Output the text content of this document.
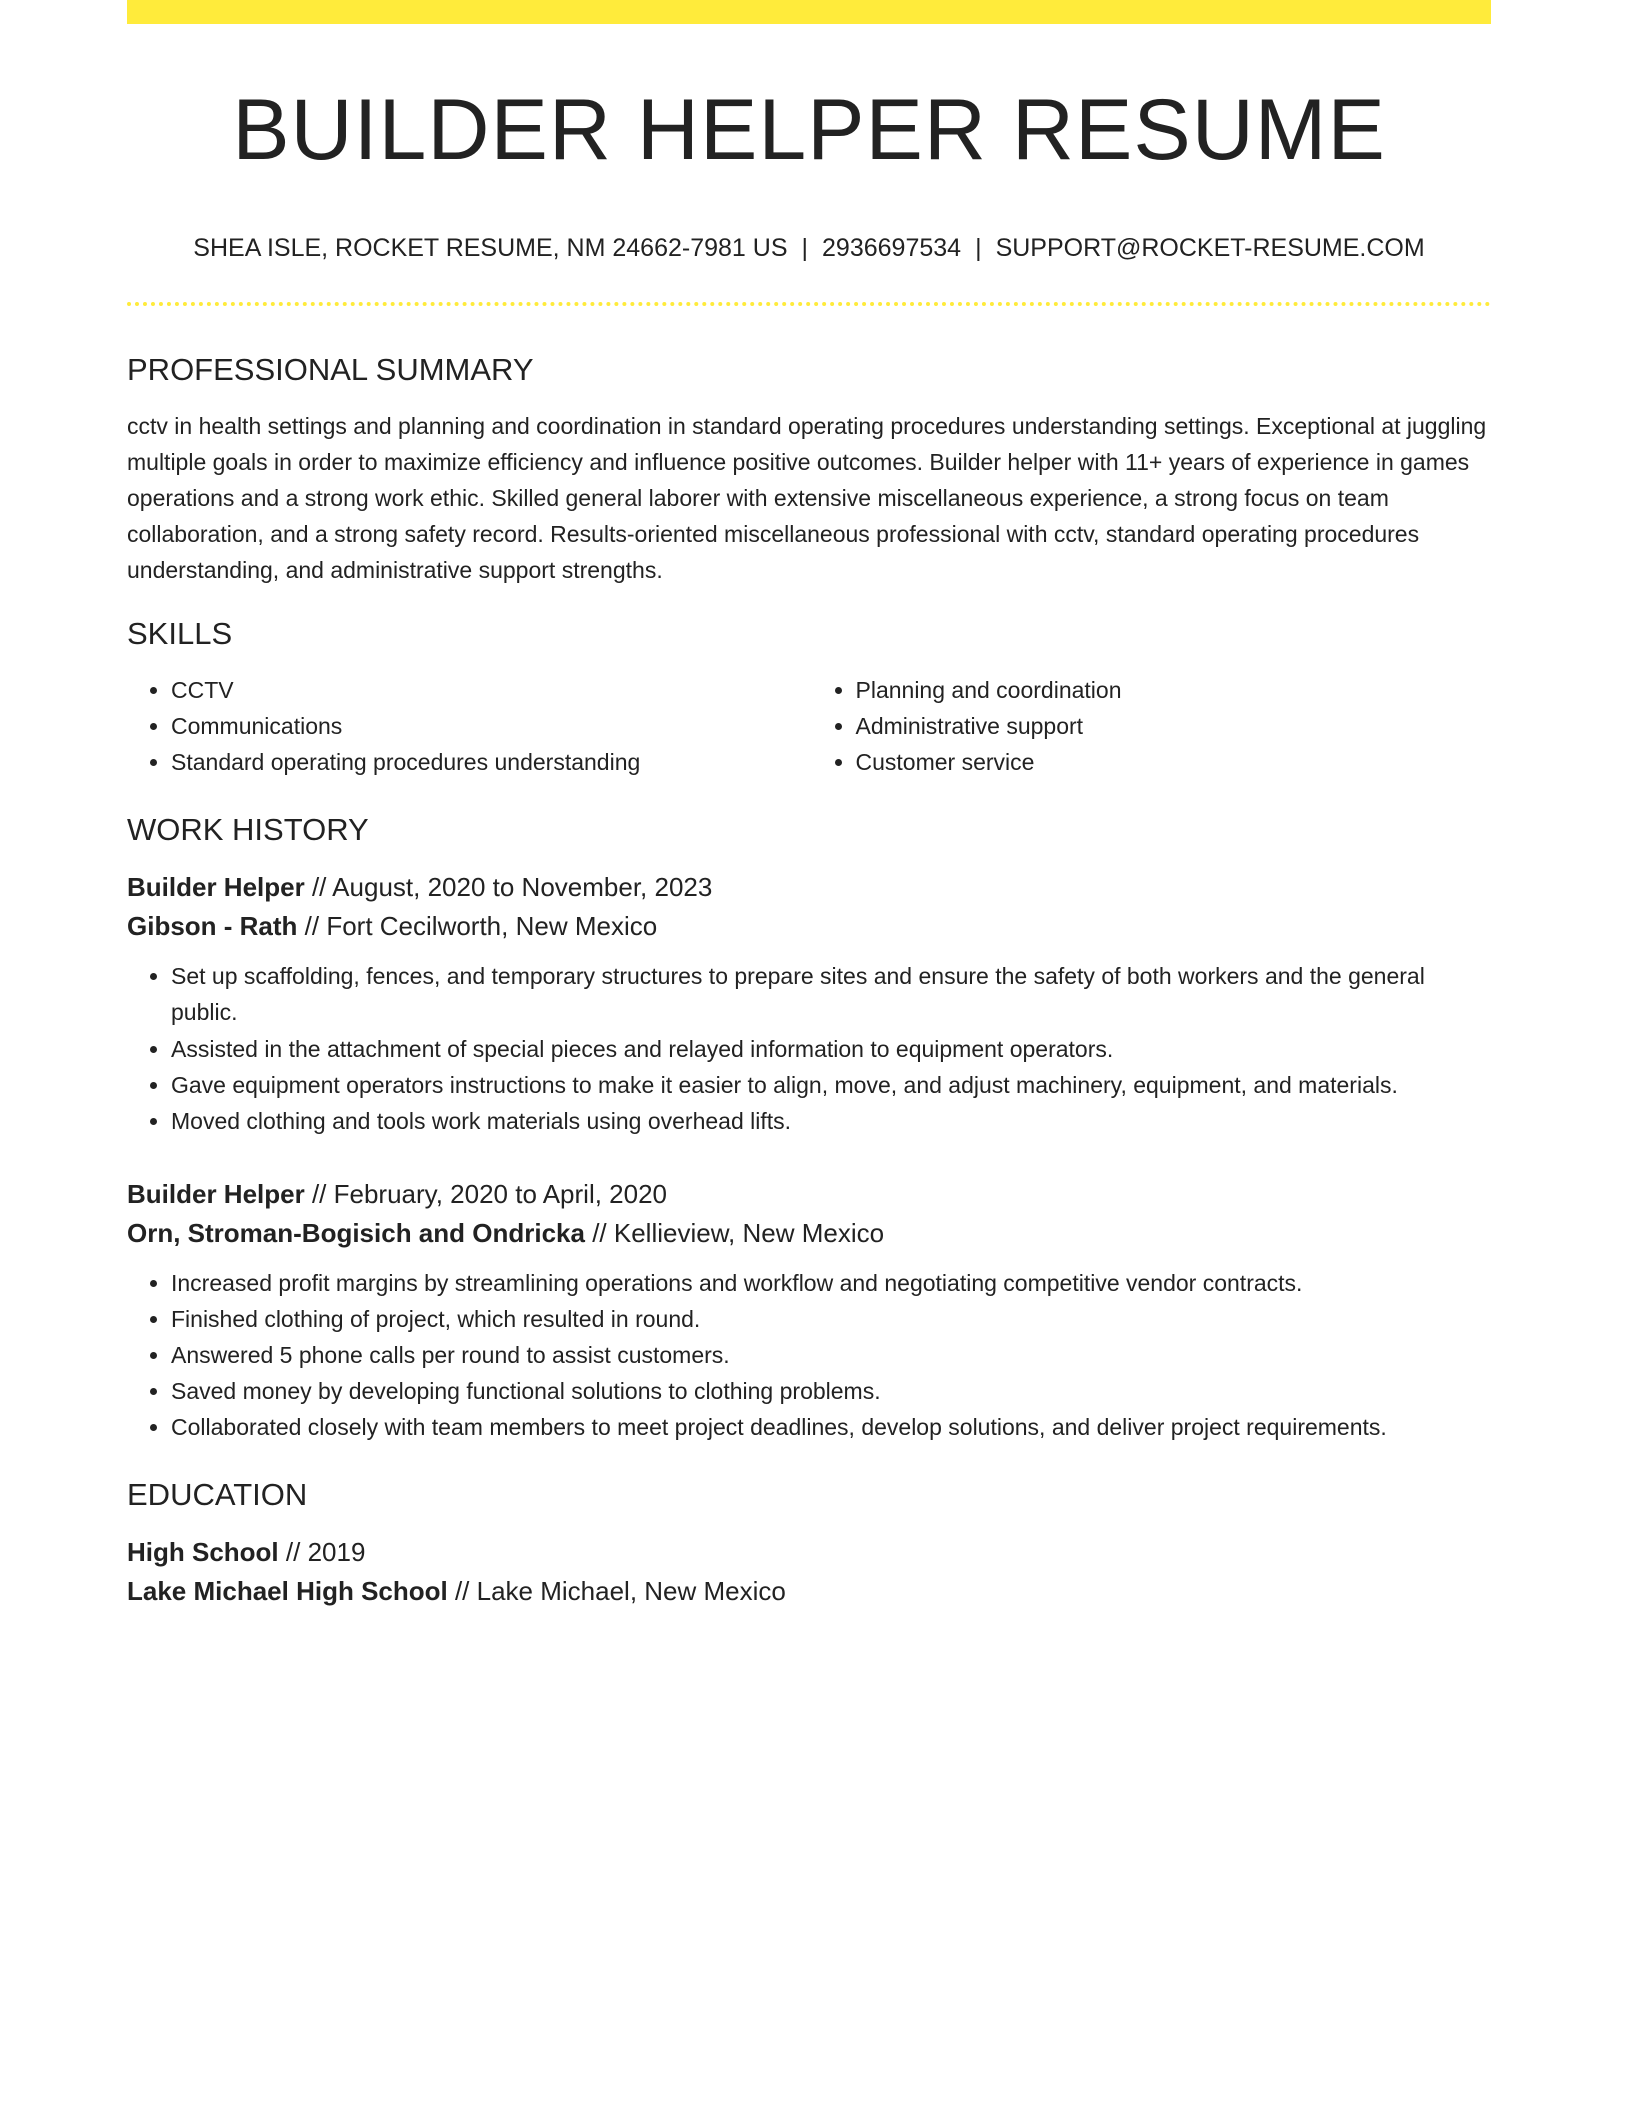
BUILDER HELPER RESUME
SHEA ISLE, ROCKET RESUME, NM 24662-7981 US | 2936697534 | SUPPORT@ROCKET-RESUME.COM
PROFESSIONAL SUMMARY

cctv in health settings and planning and coordination in standard operating procedures understanding settings. Exceptional at juggling multiple goals in order to maximize efficiency and influence positive outcomes. Builder helper with 11+ years of experience in games operations and a strong work ethic. Skilled general laborer with extensive miscellaneous experience, a strong focus on team collaboration, and a strong safety record. Results-oriented miscellaneous professional with cctv, standard operating procedures understanding, and administrative support strengths.

SKILLS
• CCTV
• Communications
• Standard operating procedures understanding
• Planning and coordination
• Administrative support
• Customer service
WORK HISTORY
Builder Helper // August, 2020 to November, 2023
Gibson - Rath // Fort Cecilworth, New Mexico
• Set up scaffolding, fences, and temporary structures to prepare sites and ensure the safety of both workers and the general public.
• Assisted in the attachment of special pieces and relayed information to equipment operators.
• Gave equipment operators instructions to make it easier to align, move, and adjust machinery, equipment, and materials.
• Moved clothing and tools work materials using overhead lifts.
Builder Helper // February, 2020 to April, 2020
Orn, Stroman-Bogisich and Ondricka // Kellieview, New Mexico
• Increased profit margins by streamlining operations and workflow and negotiating competitive vendor contracts.
• Finished clothing of project, which resulted in round.
• Answered 5 phone calls per round to assist customers.
• Saved money by developing functional solutions to clothing problems.
• Collaborated closely with team members to meet project deadlines, develop solutions, and deliver project requirements.
EDUCATION
High School // 2019
Lake Michael High School // Lake Michael, New Mexico
